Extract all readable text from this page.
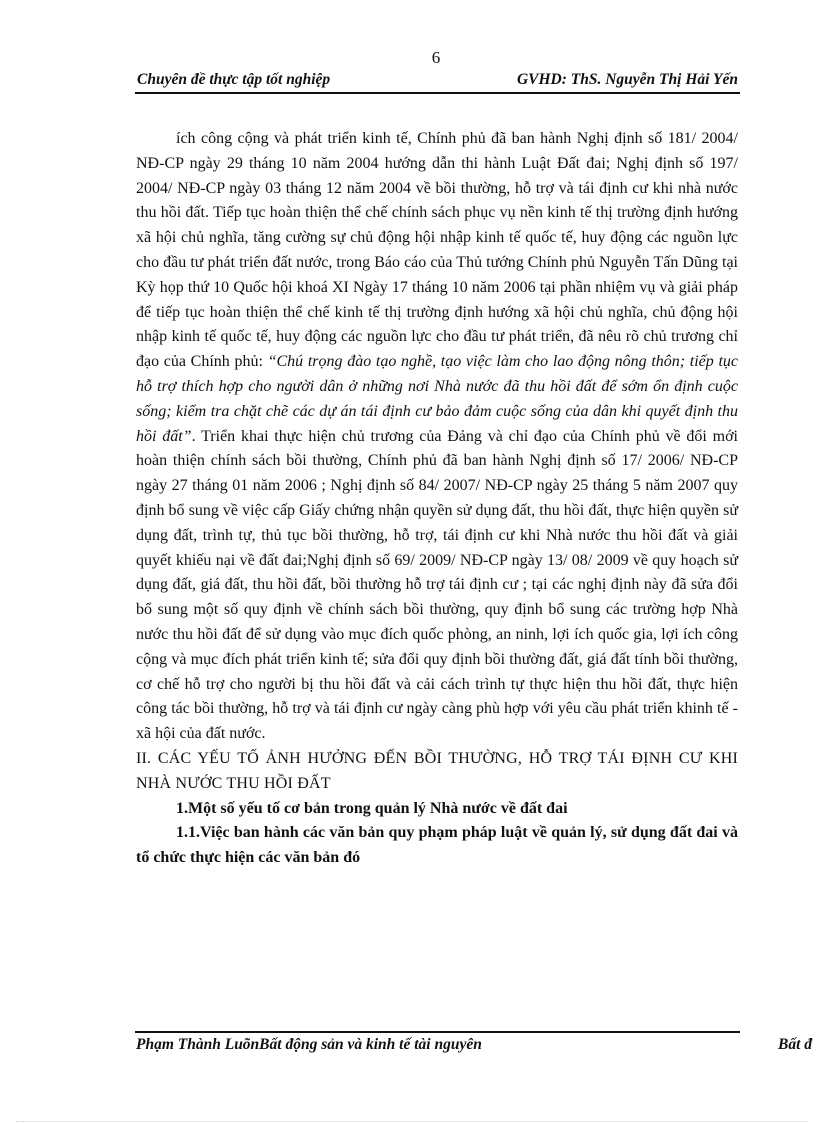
6
Chuyên đề thực tập tốt nghiệp	GVHD: ThS. Nguyễn Thị Hải Yến

ích công cộng và phát triển kinh tế, Chính phủ đã ban hành Nghị định số 181/ 2004/ NĐ-CP ngày 29 tháng 10 năm 2004 hướng dẫn thi hành Luật Đất đai; Nghị định số 197/ 2004/ NĐ-CP ngày 03 tháng 12 năm 2004 về bồi thường, hỗ trợ và tái định cư khi nhà nước thu hồi đất. Tiếp tục hoàn thiện thể chế chính sách phục vụ nền kinh tế thị trường định hướng xã hội chủ nghĩa, tăng cường sự chủ động hội nhập kinh tế quốc tế, huy động các nguồn lực cho đầu tư phát triển đất nước, trong Báo cáo của Thủ tướng Chính phủ Nguyễn Tấn Dũng tại Kỳ họp thứ 10 Quốc hội khoá XI Ngày 17 tháng 10 năm 2006 tại phần nhiệm vụ và giải pháp để tiếp tục hoàn thiện thể chế kinh tế thị trường định hướng xã hội chủ nghĩa, chủ động hội nhập kinh tế quốc tế, huy động các nguồn lực cho đầu tư phát triển, đã nêu rõ chủ trương chỉ đạo của Chính phủ: “Chú trọng đào tạo nghề, tạo việc làm cho lao động nông thôn; tiếp tục hỗ trợ thích hợp cho người dân ở những nơi Nhà nước đã thu hồi đất để sớm ổn định cuộc sống; kiểm tra chặt chẽ các dự án tái định cư bảo đảm cuộc sống của dân khi quyết định thu hồi đất”. Triển khai thực hiện chủ trương của Đảng và chỉ đạo của Chính phủ về đổi mới hoàn thiện chính sách bồi thường, Chính phủ đã ban hành Nghị định số 17/ 2006/ NĐ-CP ngày 27 tháng 01 năm 2006 ; Nghị định số 84/ 2007/ NĐ-CP ngày 25 tháng 5 năm 2007 quy định bổ sung về việc cấp Giấy chứng nhận quyền sử dụng đất, thu hồi đất, thực hiện quyền sử dụng đất, trình tự, thủ tục bồi thường, hỗ trợ, tái định cư khi Nhà nước thu hồi đất và giải quyết khiếu nại về đất đai;Nghị định số 69/ 2009/ NĐ-CP ngày 13/ 08/ 2009 về quy hoạch sử dụng đất, giá đất, thu hồi đất, bồi thường hỗ trợ tái định cư ; tại các nghị định này đã sửa đổi bổ sung một số quy định về chính sách bồi thường, quy định bổ sung các trường hợp Nhà nước thu hồi đất để sử dụng vào mục đích quốc phòng, an ninh, lợi ích quốc gia, lợi ích công cộng và mục đích phát triển kinh tế; sửa đổi quy định bồi thường đất, giá đất tính bồi thường, cơ chế hỗ trợ cho người bị thu hồi đất và cải cách trình tự thực hiện thu hồi đất, thực hiện công tác bồi thường, hỗ trợ và tái định cư ngày càng phù hợp với yêu cầu phát triển khinh tế - xã hội của đất nước.

II. CÁC YẾU TỐ ẢNH HƯỞNG ĐẾN BỒI THƯỜNG, HỖ TRỢ TÁI ĐỊNH CƯ KHI NHÀ NƯỚC THU HỒI ĐẤT

1.Một số yếu tố cơ bản trong quản lý Nhà nước về đất đai

1.1.Việc ban hành các văn bản quy phạm pháp luật về quản lý, sử dụng đất đai và tổ chức thực hiện các văn bản đó

Phạm Thành LuõnBất động sản và kinh tế tài nguyên	Bất đ
